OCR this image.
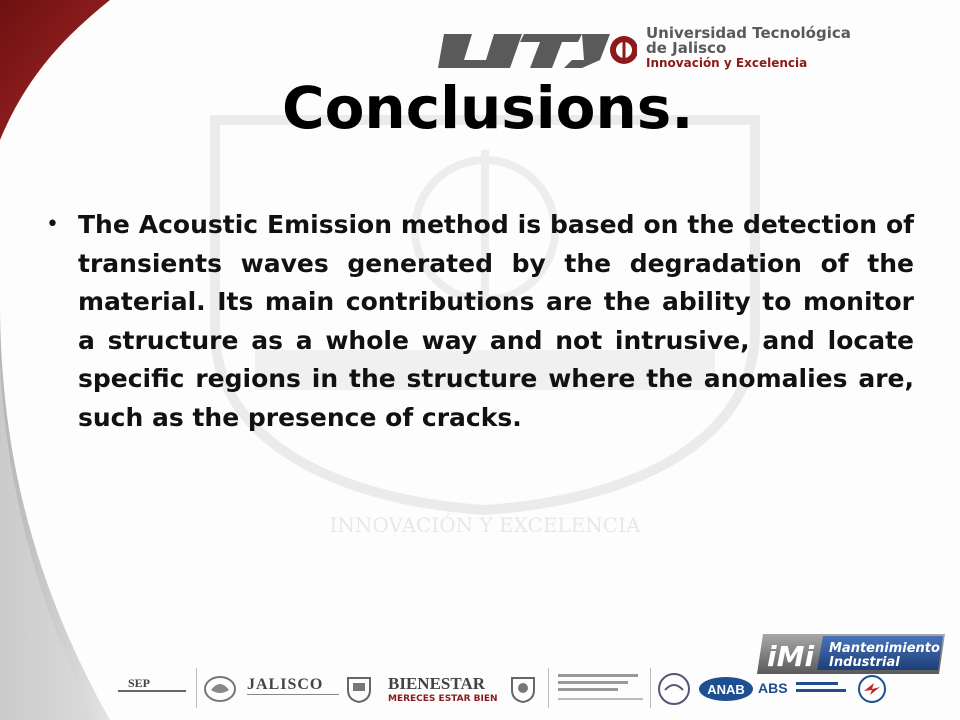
INNOVACIÓN Y EXCELENCIA
Universidad Tecnológica
de Jalisco
Innovación y Excelencia
Conclusions.
• The Acoustic Emission method is based on the detection of transients waves generated by the degradation of the material. Its main contributions are the ability to monitor a structure as a whole way and not intrusive, and locate specific regions in the structure where the anomalies are, such as the presence of cracks.
SEP	JALISCO	BIENESTAR
MERECES ESTAR BIEN
ANAB ABS
iMi Mantenimiento
Industrial
